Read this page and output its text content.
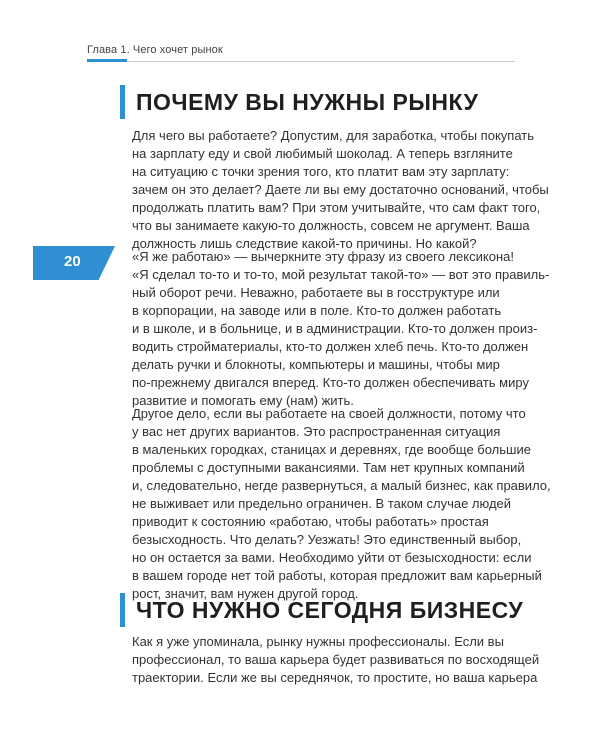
Глава 1. Чего хочет рынок
ПОЧЕМУ ВЫ НУЖНЫ РЫНКУ
Для чего вы работаете? Допустим, для заработка, чтобы покупать
на зарплату еду и свой любимый шоколад. А теперь взгляните
на ситуацию с точки зрения того, кто платит вам эту зарплату:
зачем он это делает? Даете ли вы ему достаточно оснований, чтобы
продолжать платить вам? При этом учитывайте, что сам факт того,
что вы занимаете какую-то должность, совсем не аргумент. Ваша
должность лишь следствие какой-то причины. Но какой?
20	«Я же работаю» — вычеркните эту фразу из своего лексикона!
«Я сделал то-то и то-то, мой результат такой-то» — вот это правиль-
ный оборот речи. Неважно, работаете вы в госструктуре или
в корпорации, на заводе или в поле. Кто-то должен работать
и в школе, и в больнице, и в администрации. Кто-то должен произ-
водить стройматериалы, кто-то должен хлеб печь. Кто-то должен
делать ручки и блокноты, компьютеры и машины, чтобы мир
по-прежнему двигался вперед. Кто-то должен обеспечивать миру
развитие и помогать ему (нам) жить.
Другое дело, если вы работаете на своей должности, потому что
у вас нет других вариантов. Это распространенная ситуация
в маленьких городках, станицах и деревнях, где вообще большие
проблемы с доступными вакансиями. Там нет крупных компаний
и, следовательно, негде развернуться, а малый бизнес, как правило,
не выживает или предельно ограничен. В таком случае людей
приводит к состоянию «работаю, чтобы работать» простая
безысходность. Что делать? Уезжать! Это единственный выбор,
но он остается за вами. Необходимо уйти от безысходности: если
в вашем городе нет той работы, которая предложит вам карьерный
рост, значит, вам нужен другой город.
ЧТО НУЖНО СЕГОДНЯ БИЗНЕСУ
Как я уже упоминала, рынку нужны профессионалы. Если вы
профессионал, то ваша карьера будет развиваться по восходящей
траектории. Если же вы середнячок, то простите, но ваша карьера
